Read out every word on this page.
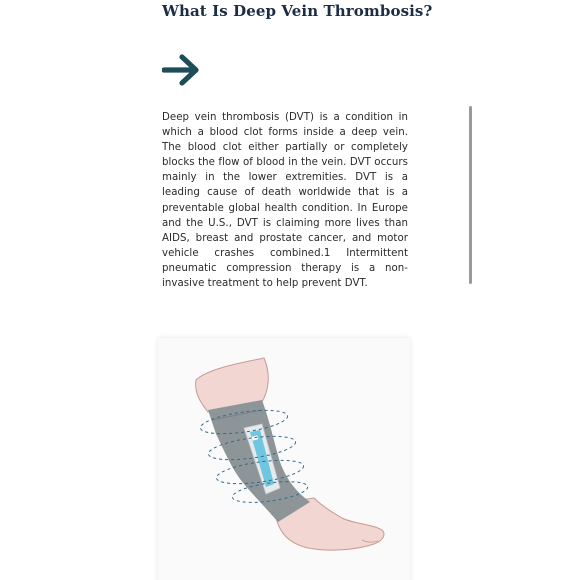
What Is Deep Vein Thrombosis?

Deep vein thrombosis (DVT) is a condition in which a blood clot forms inside a deep vein. The blood clot either partially or completely blocks the flow of blood in the vein. DVT occurs mainly in the lower extremities. DVT is a leading cause of death worldwide that is a preventable global health condition. In Europe and the U.S., DVT is claiming more lives than AIDS, breast and prostate cancer, and motor vehicle crashes combined.1 Intermittent pneumatic compression therapy is a non-invasive treatment to help prevent DVT.
